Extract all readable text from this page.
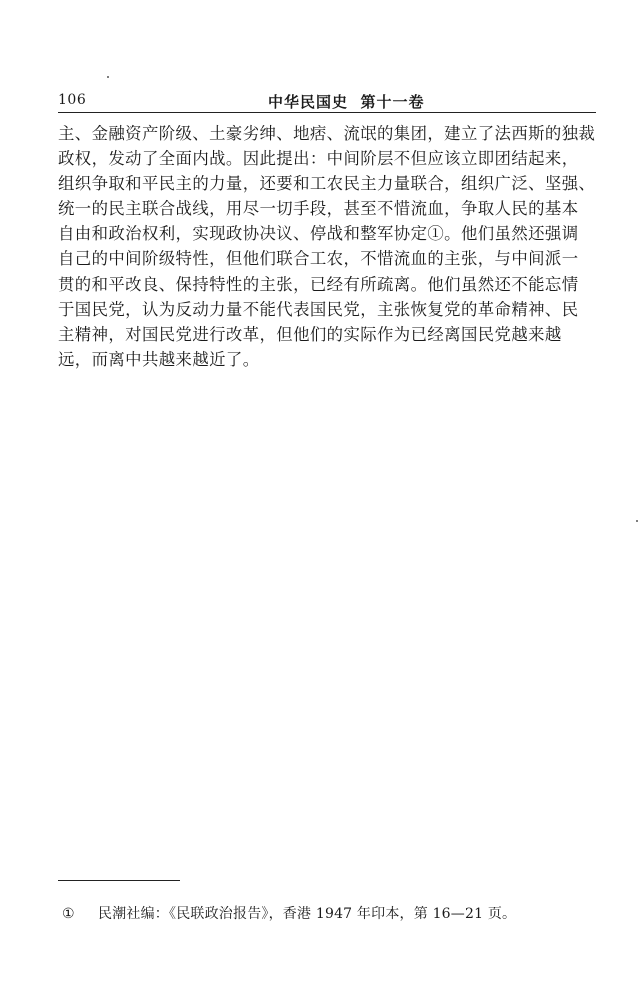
106	中华民国史  第十一卷
主、金融资产阶级、土豪劣绅、地痞、流氓的集团，建立了法西斯的独裁
政权，发动了全面内战。因此提出：中间阶层不但应该立即团结起来，
组织争取和平民主的力量，还要和工农民主力量联合，组织广泛、坚强、
统一的民主联合战线，用尽一切手段，甚至不惜流血，争取人民的基本
自由和政治权利，实现政协决议、停战和整军协定①。他们虽然还强调
自己的中间阶级特性，但他们联合工农，不惜流血的主张，与中间派一
贯的和平改良、保持特性的主张，已经有所疏离。他们虽然还不能忘情
于国民党，认为反动力量不能代表国民党，主张恢复党的革命精神、民
主精神，对国民党进行改革，但他们的实际作为已经离国民党越来越
远，而离中共越来越近了。
① 民潮社编：《民联政治报告》，香港 1947 年印本，第 16—21 页。
